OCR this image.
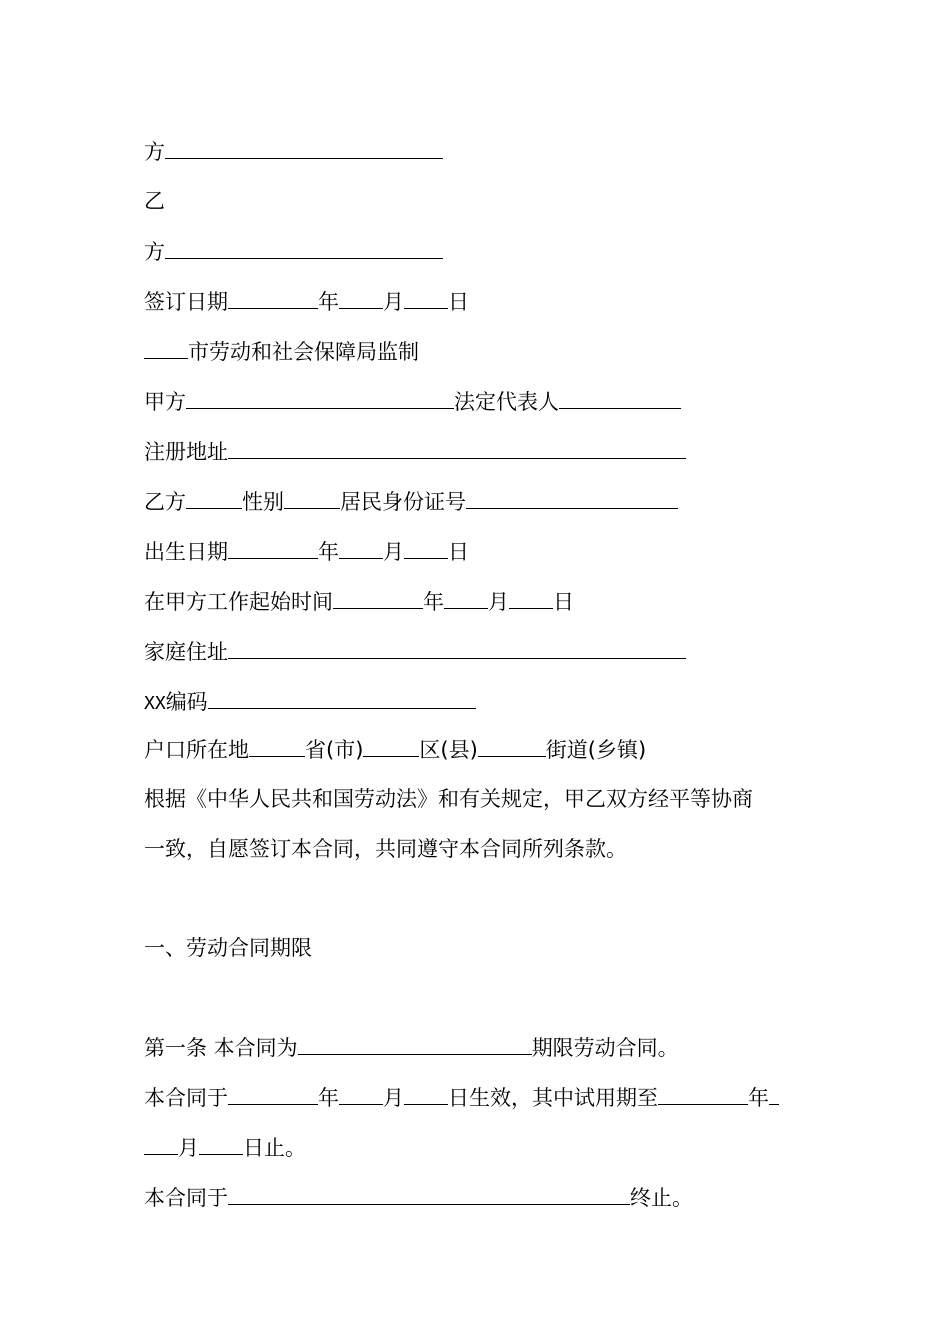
方
乙
方
签订日期	年 月 日
市劳动和社会保障局监制
甲方	法定代表人
注册地址
乙方	性别	居民身份证号
出生日期	年 月 日
在甲方工作起始时间	年 月 日
家庭住址
XX编码
户口所在地	省(市)	区(县)	街道(乡镇)
根据《中华人民共和国劳动法》和有关规定，甲乙双方经平等协商
一致，自愿签订本合同，共同遵守本合同所列条款。
一、劳动合同期限
第一条 本合同为	期限劳动合同。
本合同于	年 月 日生效，其中试用期至	年
月 日止。
本合同于	终止。
